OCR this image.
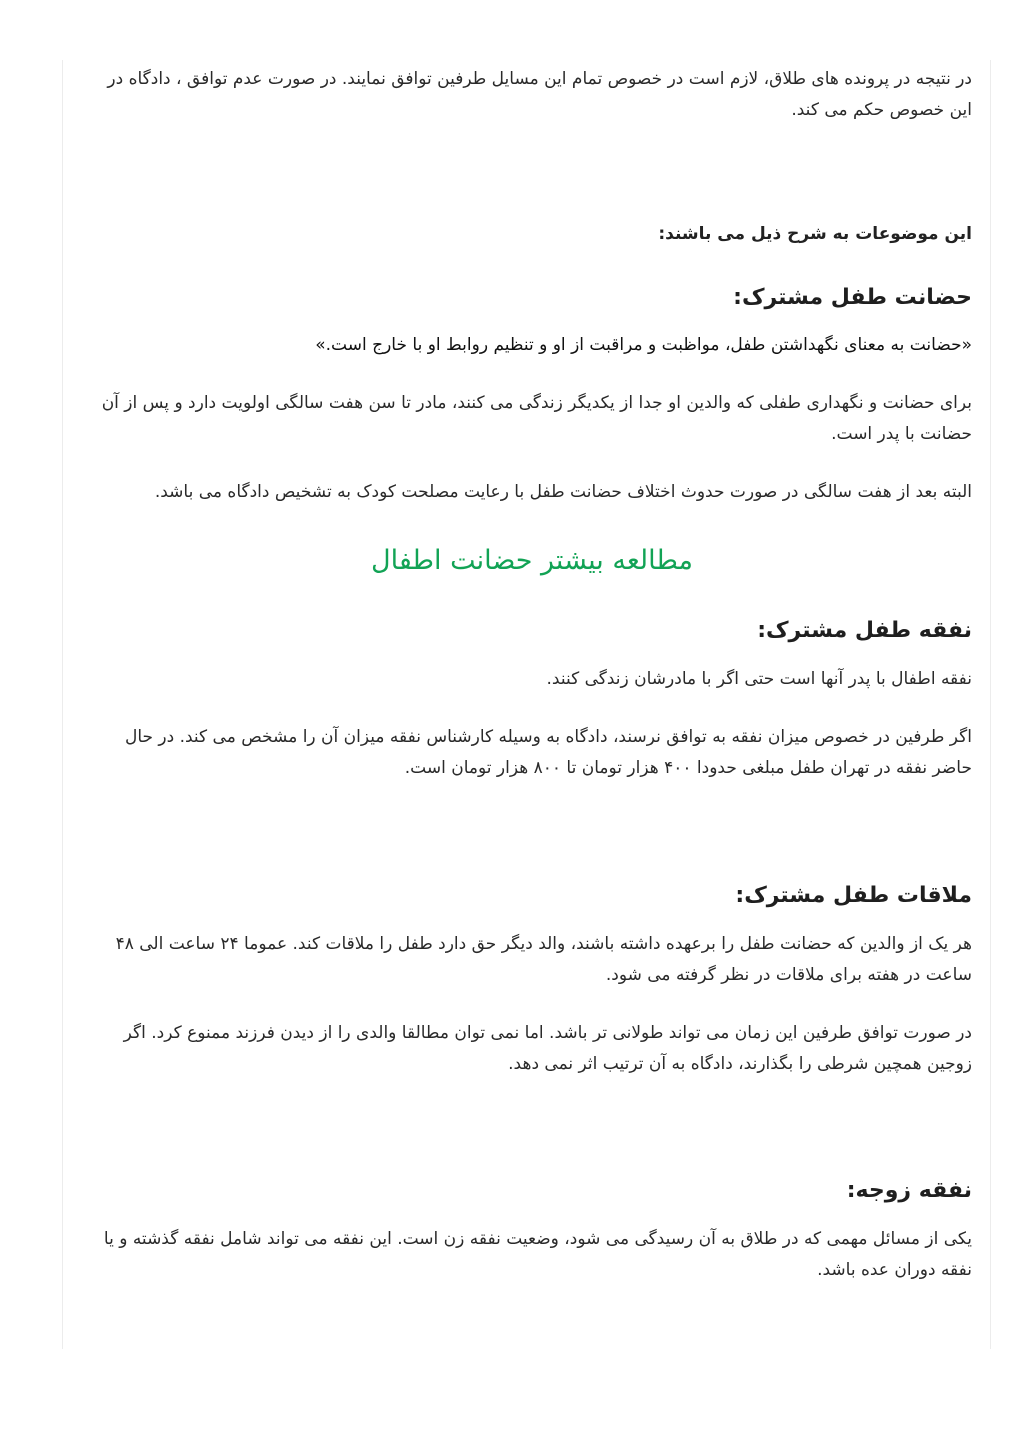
در نتیجه در پرونده های طلاق، لازم است در خصوص تمام این مسایل طرفین توافق نمایند. در صورت عدم توافق ، دادگاه در این خصوص حکم می کند.

این موضوعات به شرح ذیل می باشند:

حضانت طفل مشترک:

«حضانت به معنای نگهداشتن طفل، مواظبت و مراقبت از او و تنظیم روابط او با خارج است.»

برای حضانت و نگهداری طفلی که والدین او جدا از یکدیگر زندگی می کنند، مادر تا سن هفت سالگی اولویت دارد و پس از آن حضانت با پدر است.

البته بعد از هفت سالگی در صورت حدوث اختلاف حضانت طفل با رعایت مصلحت کودک به تشخیص دادگاه می باشد.

مطالعه بیشتر حضانت اطفال
نفقه طفل مشترک:

نفقه اطفال با پدر آنها است حتی اگر با مادرشان زندگی کنند.

اگر طرفین در خصوص میزان نفقه به توافق نرسند، دادگاه به وسیله کارشناس نفقه میزان آن را مشخص می کند. در حال حاضر نفقه در تهران طفل مبلغی حدودا ۴۰۰ هزار تومان تا ۸۰۰ هزار تومان است.

ملاقات طفل مشترک:

هر یک از والدین که حضانت طفل را برعهده داشته باشند، والد دیگر حق دارد طفل را ملاقات کند. عموما ۲۴ ساعت الی ۴۸ ساعت در هفته برای ملاقات در نظر گرفته می شود.

در صورت توافق طرفین این زمان می تواند طولانی تر باشد. اما نمی توان مطالقا والدی را از دیدن فرزند ممنوع کرد. اگر زوجین همچین شرطی را بگذارند، دادگاه به آن ترتیب اثر نمی دهد.

نفقه زوجه:

یکی از مسائل مهمی که در طلاق به آن رسیدگی می شود، وضعیت نفقه زن است. این نفقه می تواند شامل نفقه گذشته و یا نفقه دوران عده باشد.
